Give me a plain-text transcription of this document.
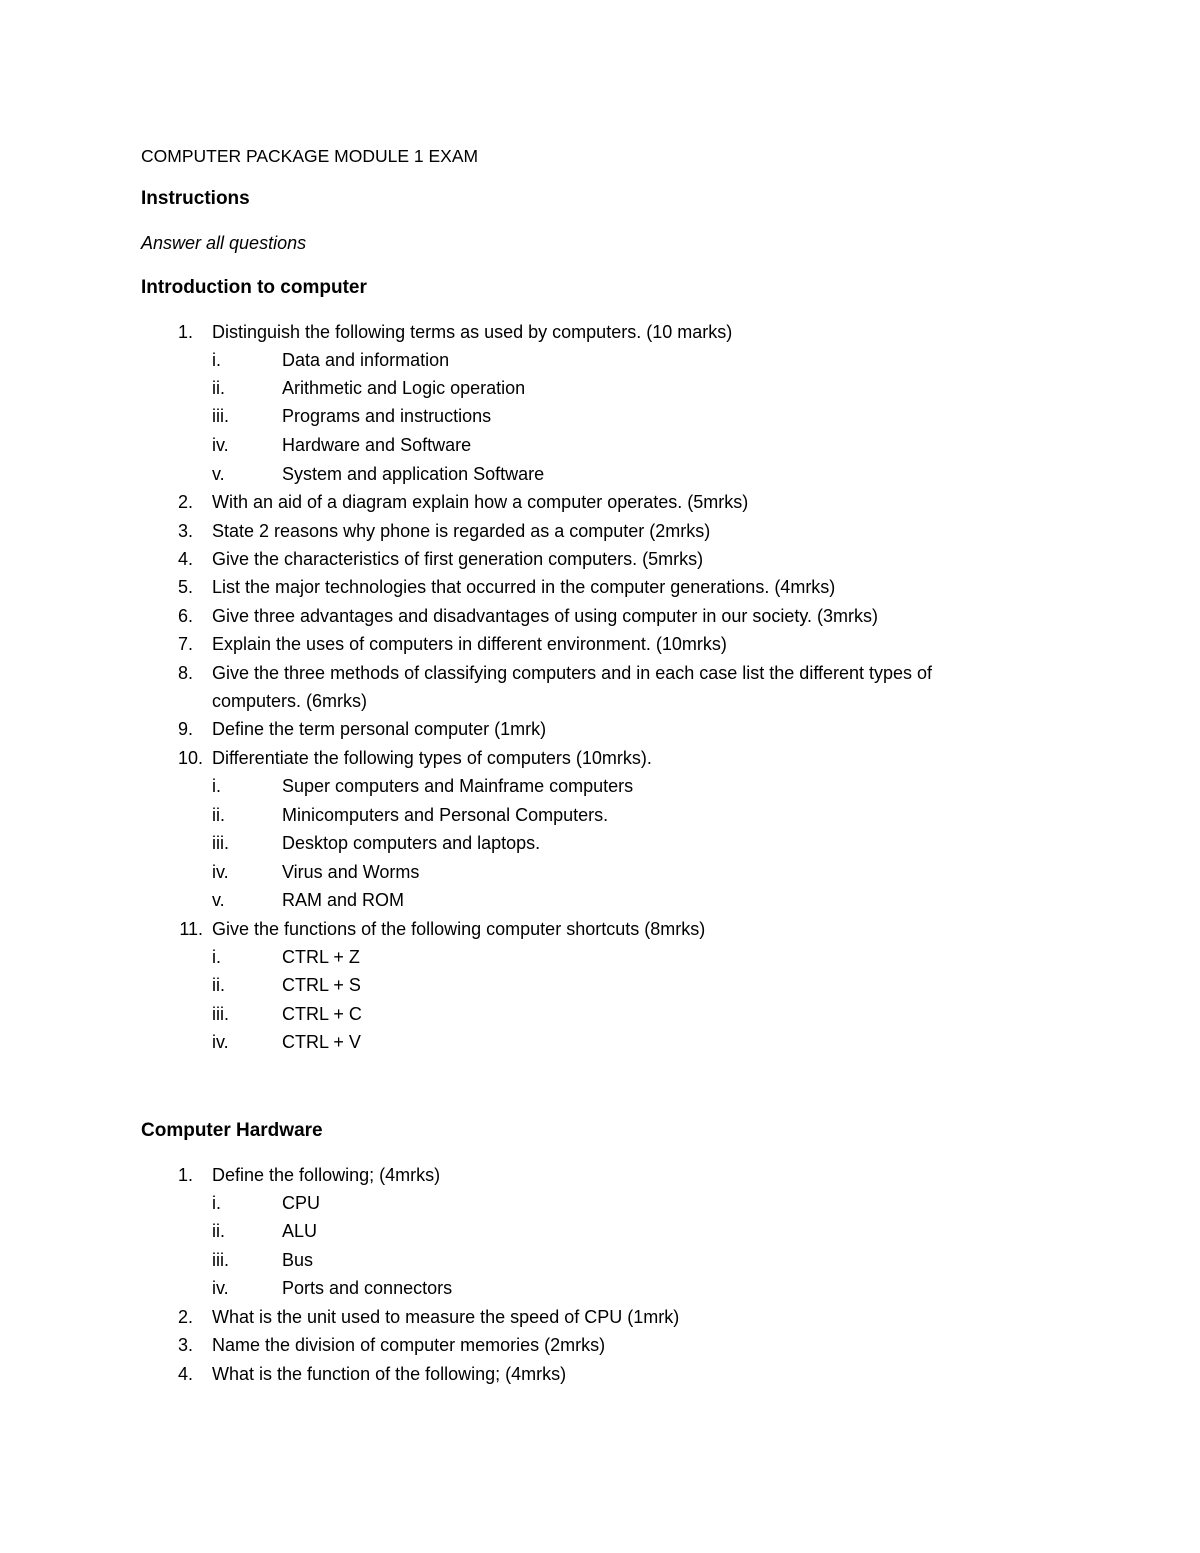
COMPUTER PACKAGE MODULE 1 EXAM
Instructions
Answer all questions
Introduction to computer
1. Distinguish the following terms as used by computers. (10 marks)
i.	Data and information
ii.	Arithmetic and Logic operation
iii.	Programs and instructions
iv.	Hardware and Software
v.	System and application Software
2. With an aid of a diagram explain how a computer operates. (5mrks)
3. State 2 reasons why phone is regarded as a computer (2mrks)
4. Give the characteristics of first generation computers. (5mrks)
5. List the major technologies that occurred in the computer generations. (4mrks)
6. Give three advantages and disadvantages of using computer in our society. (3mrks)
7. Explain the uses of computers in different environment. (10mrks)
8. Give the three methods of classifying computers and in each case list the different types of
computers. (6mrks)
9. Define the term personal computer (1mrk)
10. Differentiate the following types of computers (10mrks).
i.	Super computers and Mainframe computers
ii.	Minicomputers and Personal Computers.
iii.	Desktop computers and laptops.
iv.	Virus and Worms
v.	RAM and ROM
11. Give the functions of the following computer shortcuts (8mrks)
i.	CTRL + Z
ii.	CTRL + S
iii.	CTRL + C
iv.	CTRL + V
Computer Hardware
1. Define the following; (4mrks)
i.	CPU
ii.	ALU
iii.	Bus
iv.	Ports and connectors
2. What is the unit used to measure the speed of CPU (1mrk)
3. Name the division of computer memories (2mrks)
4. What is the function of the following; (4mrks)
